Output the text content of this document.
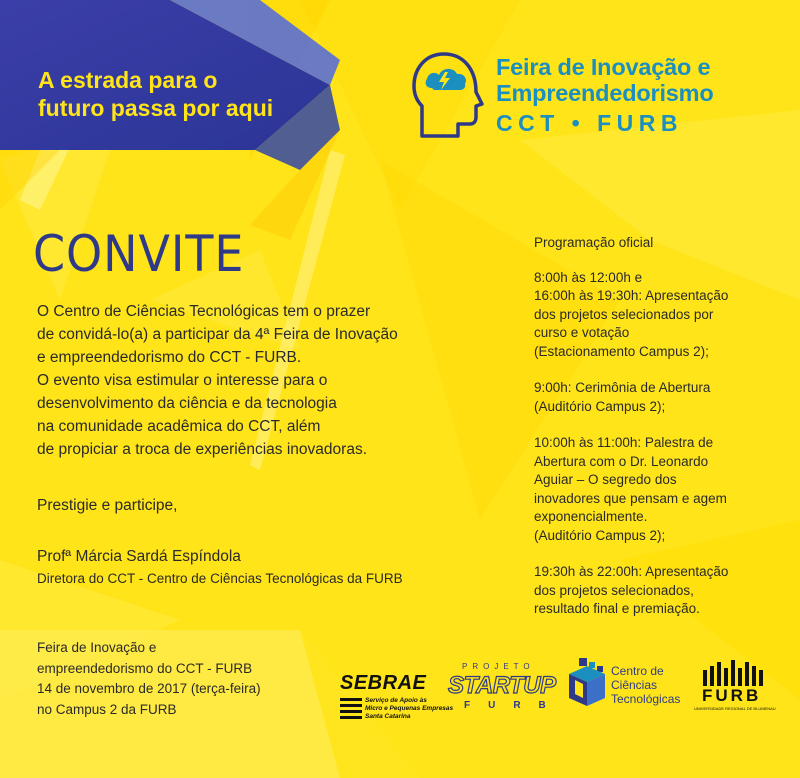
A estrada para o
futuro passa por aqui
Feira de Inovação e
Empreendedorismo
CCT • FURB
CONVITE
O Centro de Ciências Tecnológicas tem o prazer
de convidá-lo(a) a participar da 4ª Feira de Inovação
e empreendedorismo do CCT - FURB.
O evento visa estimular o interesse para o
desenvolvimento da ciência e da tecnologia
na comunidade acadêmica do CCT, além
de propiciar a troca de experiências inovadoras.
Prestigie e participe,
Profª Márcia Sardá Espíndola
Diretora do CCT - Centro de Ciências Tecnológicas da FURB
Programação oficial
8:00h às 12:00h e
16:00h às 19:30h: Apresentação
dos projetos selecionados por
curso e votação
(Estacionamento Campus 2);
9:00h: Cerimônia de Abertura
(Auditório Campus 2);
10:00h às 11:00h: Palestra de
Abertura com o Dr. Leonardo
Aguiar – O segredo dos
inovadores que pensam e agem
exponencialmente.
(Auditório Campus 2);
19:30h às 22:00h: Apresentação
dos projetos selecionados,
resultado final e premiação.
Feira de Inovação e
empreendedorismo do CCT - FURB
14 de novembro de 2017 (terça-feira)
no Campus 2 da FURB
SEBRAE
Serviço de Apoio às
Micro e Pequenas Empresas
Santa Catarina
PROJETO
STARTUP
FURB
Centro de
Ciências
Tecnológicas FURB
UNIVERSIDADE REGIONAL DE BLUMENAU
